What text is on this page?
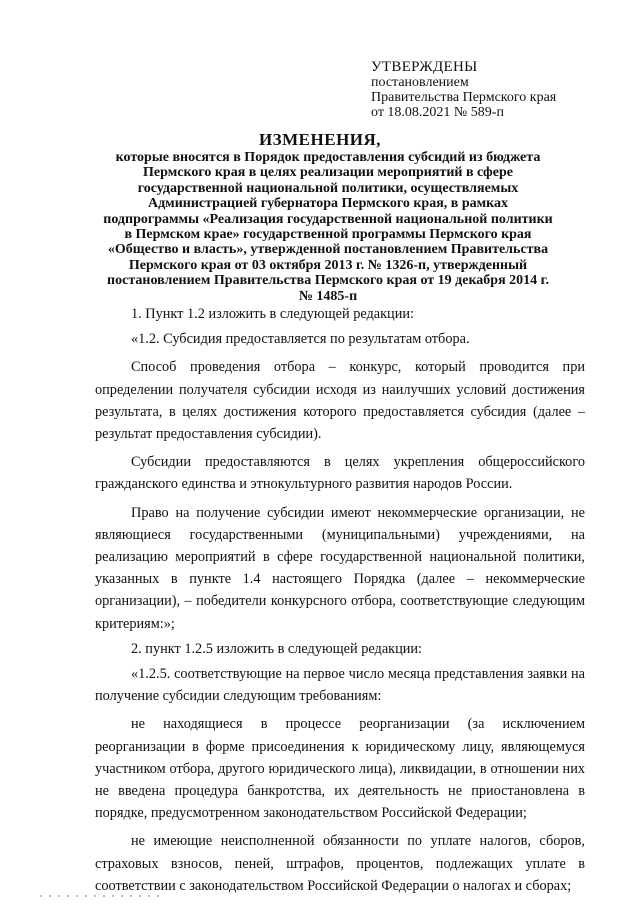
УТВЕРЖДЕНЫ
постановлением
Правительства Пермского края
от 18.08.2021 № 589-п
ИЗМЕНЕНИЯ,
которые вносятся в Порядок предоставления субсидий из бюджета
Пермского края в целях реализации мероприятий в сфере
государственной национальной политики, осуществляемых
Администрацией губернатора Пермского края, в рамках
подпрограммы «Реализация государственной национальной политики
в Пермском крае» государственной программы Пермского края
«Общество и власть», утвержденной постановлением Правительства
Пермского края от 03 октября 2013 г. № 1326-п, утвержденный
постановлением Правительства Пермского края от 19 декабря 2014 г.
№ 1485-п

1. Пункт 1.2 изложить в следующей редакции:

«1.2. Субсидия предоставляется по результатам отбора.

Способ проведения отбора – конкурс, который проводится при определении получателя субсидии исходя из наилучших условий достижения результата, в целях достижения которого предоставляется субсидия (далее – результат предоставления субсидии).

Субсидии предоставляются в целях укрепления общероссийского гражданского единства и этнокультурного развития народов России.

Право на получение субсидии имеют некоммерческие организации, не являющиеся государственными (муниципальными) учреждениями, на реализацию мероприятий в сфере государственной национальной политики, указанных в пункте 1.4 настоящего Порядка (далее – некоммерческие организации), – победители конкурсного отбора, соответствующие следующим критериям:»;

2. пункт 1.2.5 изложить в следующей редакции:

«1.2.5. соответствующие на первое число месяца представления заявки на получение субсидии следующим требованиям:

не находящиеся в процессе реорганизации (за исключением реорганизации в форме присоединения к юридическому лицу, являющемуся участником отбора, другого юридического лица), ликвидации, в отношении них не введена процедура банкротства, их деятельность не приостановлена в порядке, предусмотренном законодательством Российской Федерации;

не имеющие неисполненной обязанности по уплате налогов, сборов, страховых взносов, пеней, штрафов, процентов, подлежащих уплате в соответствии с законодательством Российской Федерации о налогах и сборах;
